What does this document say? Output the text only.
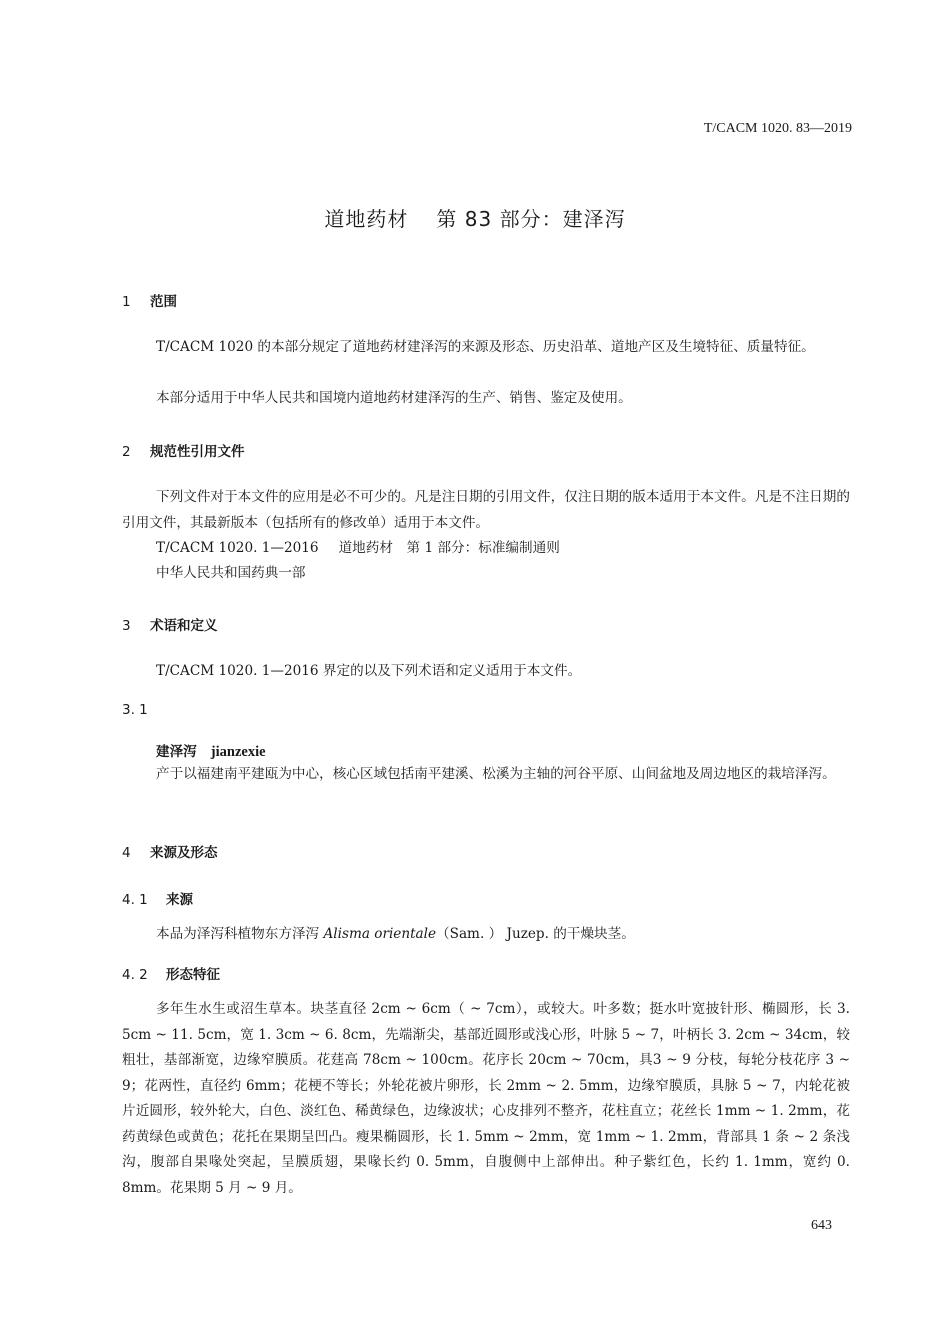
T/CACM 1020. 83—2019
道地药材 第 83 部分：建泽泻
1 范围

T/CACM 1020 的本部分规定了道地药材建泽泻的来源及形态、历史沿革、道地产区及生境特征、质量特征。

本部分适用于中华人民共和国境内道地药材建泽泻的生产、销售、鉴定及使用。

2 规范性引用文件

下列文件对于本文件的应用是必不可少的。凡是注日期的引用文件，仅注日期的版本适用于本文件。凡是不注日期的引用文件，其最新版本（包括所有的修改单）适用于本文件。

T/CACM 1020. 1—2016 道地药材　第 1 部分：标准编制通则
中华人民共和国药典一部
3 术语和定义

T/CACM 1020. 1—2016 界定的以及下列术语和定义适用于本文件。

3. 1
建泽泻 jianzexie

产于以福建南平建瓯为中心，核心区域包括南平建溪、松溪为主轴的河谷平原、山间盆地及周边地区的栽培泽泻。

4 来源及形态
4. 1 来源

本品为泽泻科植物东方泽泻 Alisma orientale（Sam. ） Juzep. 的干燥块茎。

4. 2 形态特征

多年生水生或沼生草本。块茎直径 2cm ~ 6cm（ ~ 7cm），或较大。叶多数；挺水叶宽披针形、椭圆形，长 3. 5cm ~ 11. 5cm，宽 1. 3cm ~ 6. 8cm，先端渐尖，基部近圆形或浅心形，叶脉 5 ~ 7，叶柄长 3. 2cm ~ 34cm，较粗壮，基部渐宽，边缘窄膜质。花莛高 78cm ~ 100cm。花序长 20cm ~ 70cm，具3 ~ 9 分枝，每轮分枝花序 3 ~ 9；花两性，直径约 6mm；花梗不等长；外轮花被片卵形，长 2mm ~ 2. 5mm，边缘窄膜质，具脉 5 ~ 7，内轮花被片近圆形，较外轮大，白色、淡红色、稀黄绿色，边缘波状；心皮排列不整齐，花柱直立；花丝长 1mm ~ 1. 2mm，花药黄绿色或黄色；花托在果期呈凹凸。瘦果椭圆形，长 1. 5mm ~ 2mm，宽 1mm ~ 1. 2mm，背部具 1 条 ~ 2 条浅沟，腹部自果喙处突起，呈膜质翅，果喙长约 0. 5mm，自腹侧中上部伸出。种子紫红色，长约 1. 1mm，宽约 0. 8mm。花果期 5 月 ~ 9 月。

643
